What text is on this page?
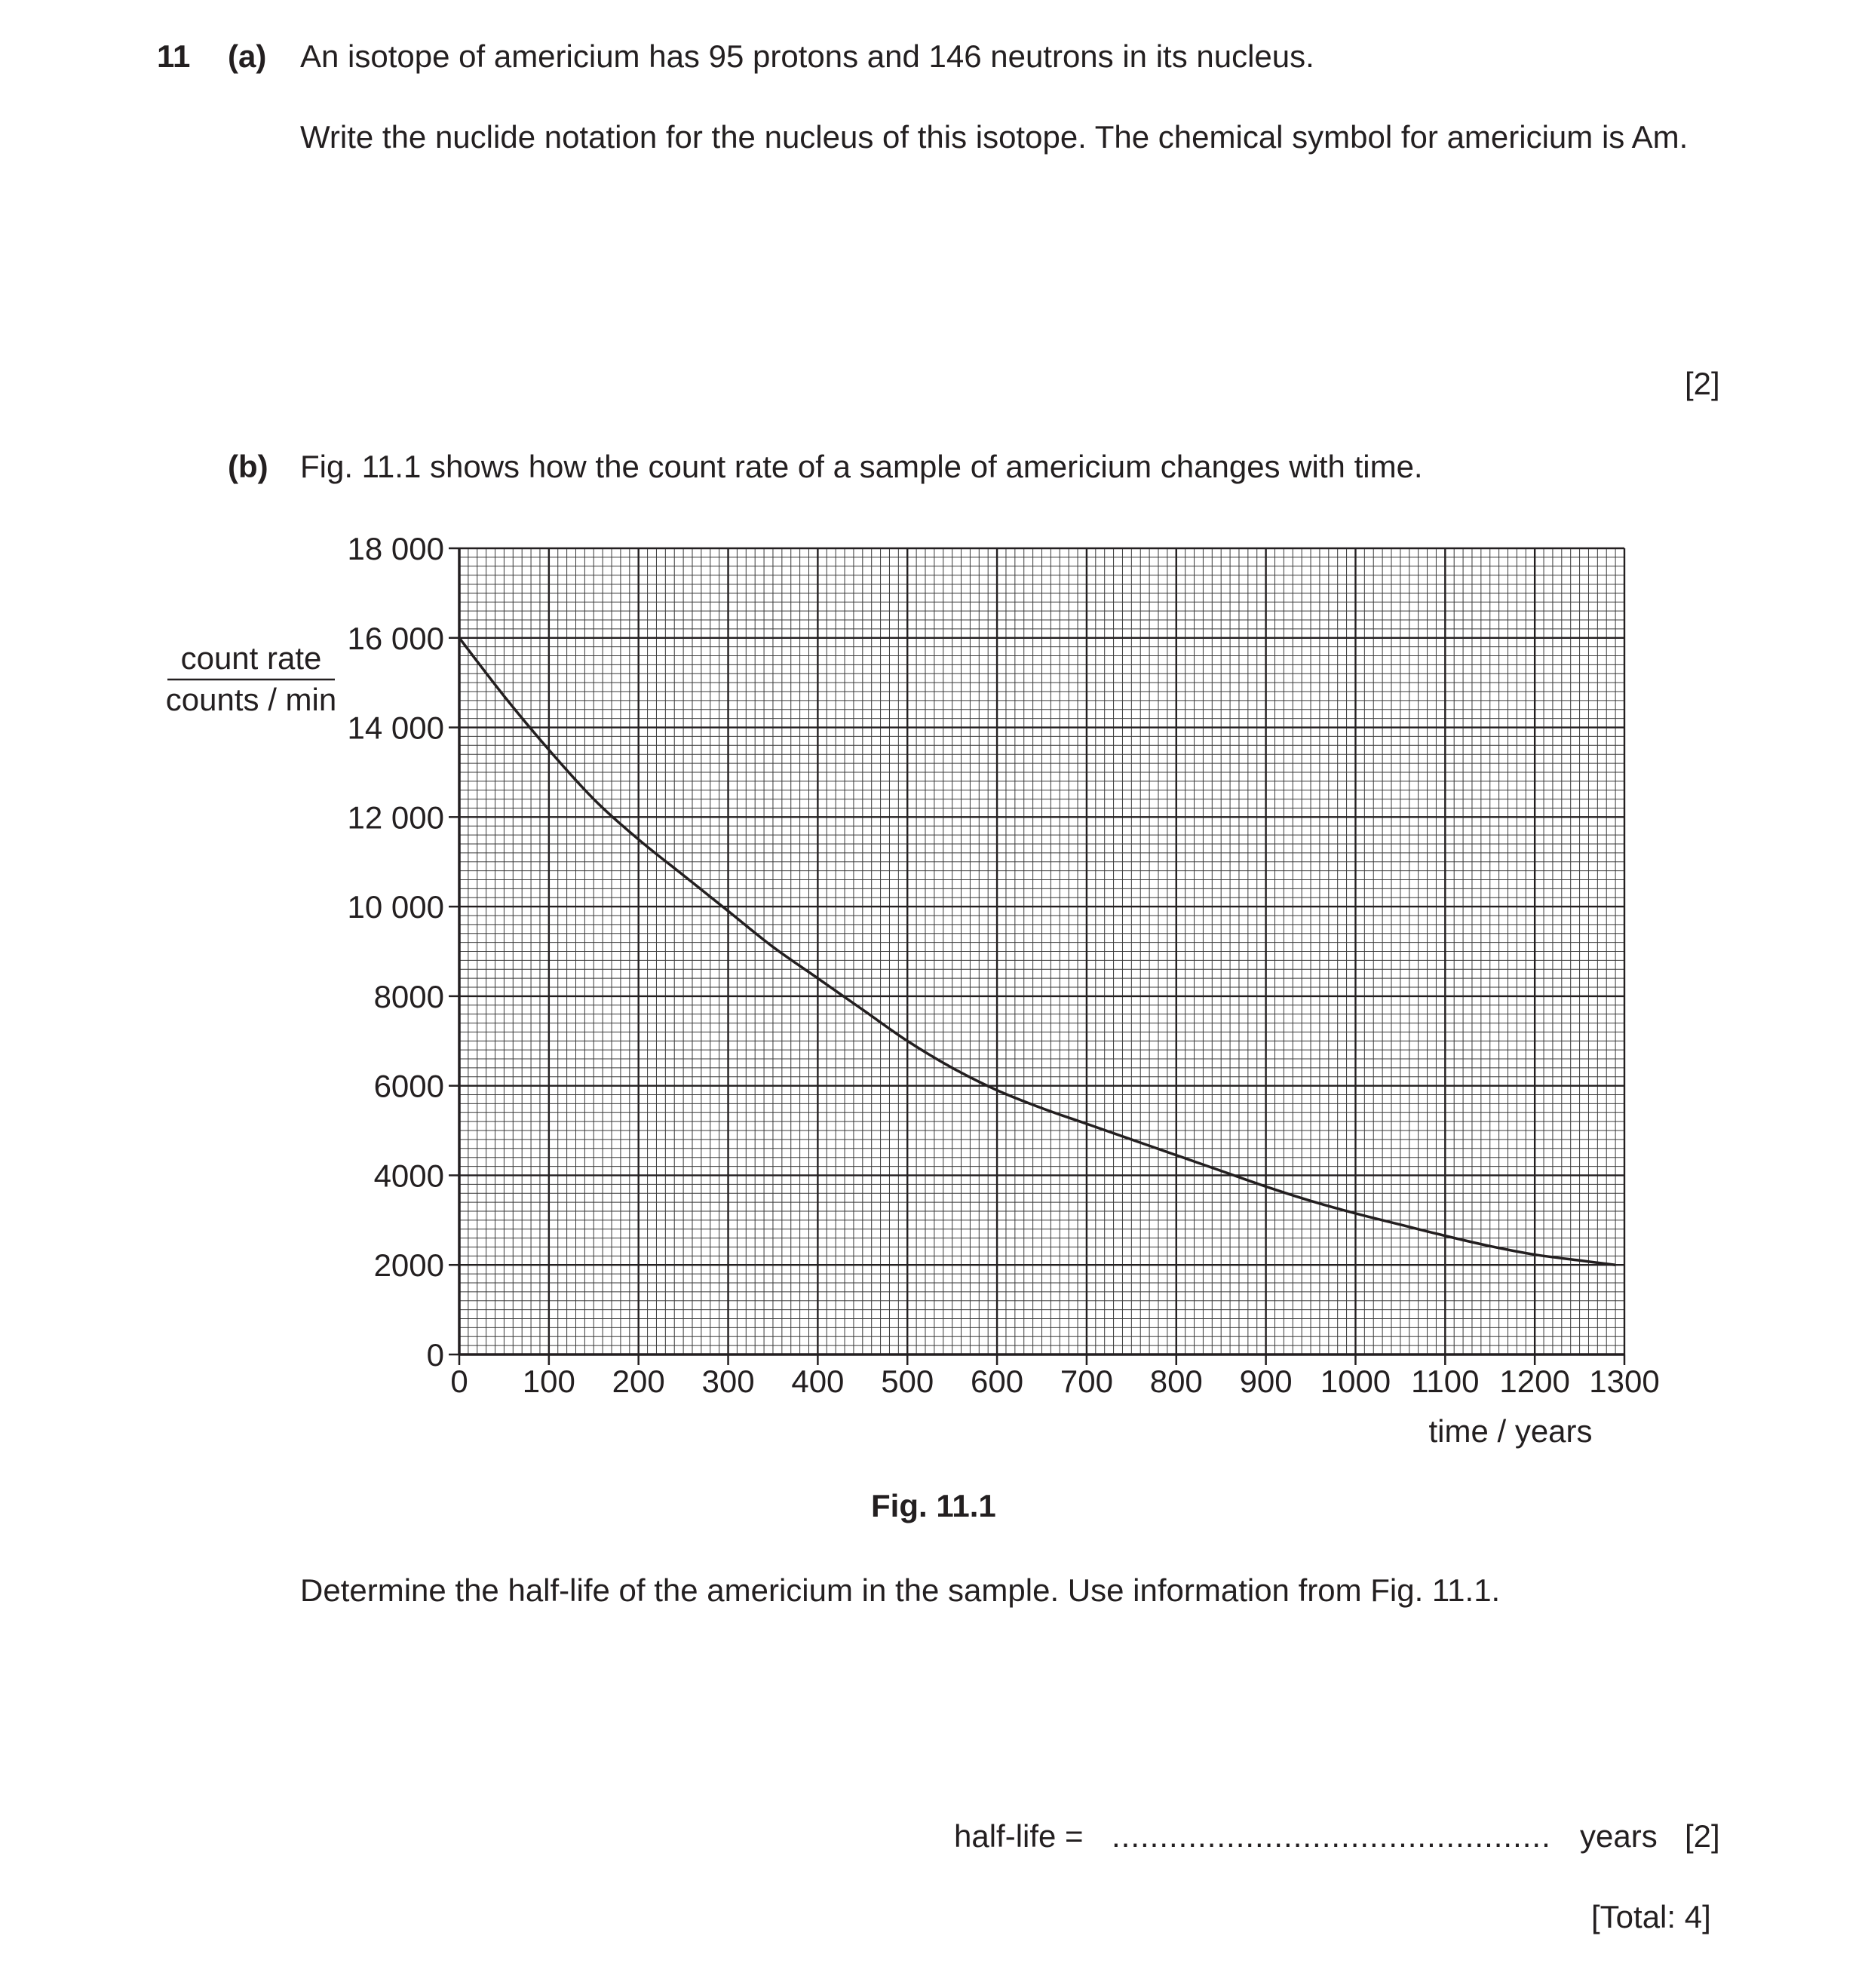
11 (a) An isotope of americium has 95 protons and 146 neutrons in its nucleus.
Write the nuclide notation for the nucleus of this isotope. The chemical symbol for americium is Am.
[2]
(b) Fig. 11.1 shows how the count rate of a sample of americium changes with time.
0 100 200 300 400 500 600 700 800 900 1000 1100 1200 1300
0
2000
4000
6000
8000
10 000
12 000
14 000
16 000
18 000
count rate
counts / min
time / years
Fig. 11.1
Determine the half-life of the americium in the sample. Use information from Fig. 11.1.
half-life = .............................................. years [2]
[Total: 4]
